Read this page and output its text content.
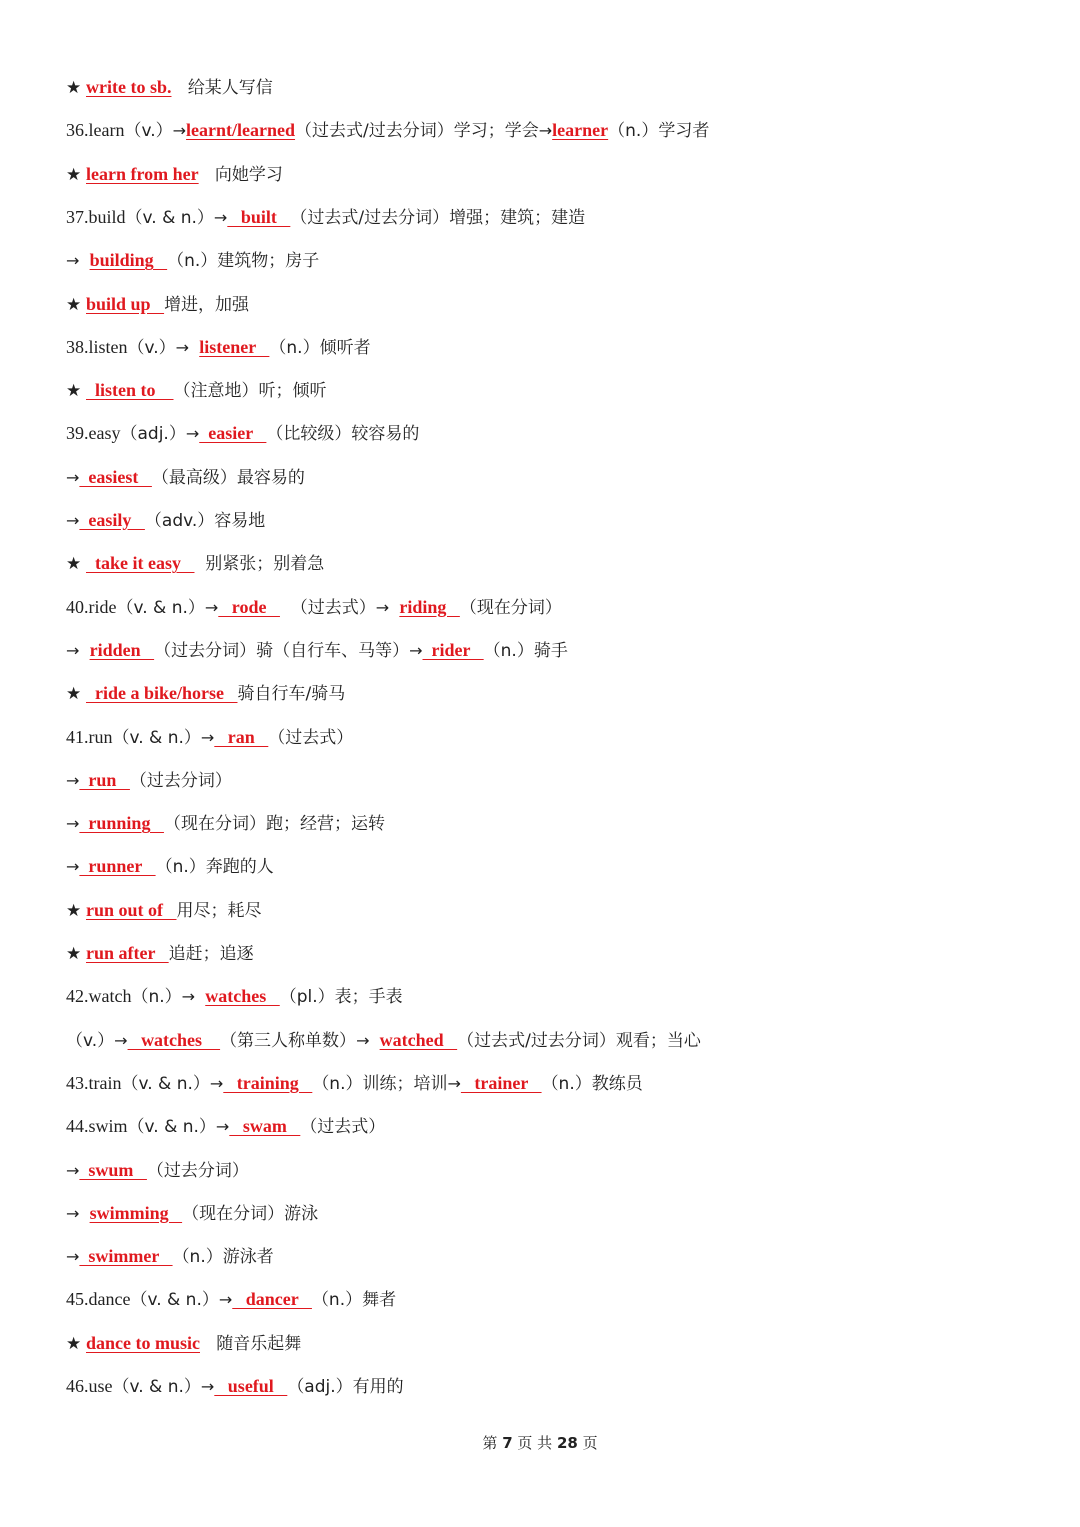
★ write to sb.   给某人写信
36.learn（v.）→learnt/learned（过去式/过去分词）学习；学会→learner（n.）学习者
★ learn from her   向她学习
37.build（v. & n.）→   built   （过去式/过去分词）增强；建筑；建造
→  building   （n.）建筑物；房子
★ build up   增进，加强
38.listen（v.）→  listener   （n.）倾听者
★  listen to    （注意地）听；倾听
39.easy（adj.）→  easier   （比较级）较容易的
→  easiest   （最高级）最容易的
→  easily   （adv.）容易地
★  take it easy     别紧张；别着急
40.ride（v. & n.）→   rode     （过去式）→  riding   （现在分词）
→  ridden   （过去分词）骑（自行车、马等）→  rider   （n.）骑手
★  ride a bike/horse   骑自行车/骑马
41.run（v. & n.）→   ran   （过去式）
→  run   （过去分词）
→  running   （现在分词）跑；经营；运转
→  runner   （n.）奔跑的人
★ run out of   用尽；耗尽
★ run after   追赶；追逐
42.watch（n.）→  watches   （pl.）表；手表
（v.）→   watches    （第三人称单数）→  watched   （过去式/过去分词）观看；当心
43.train（v. & n.）→   training   （n.）训练；培训→   trainer   （n.）教练员
44.swim（v. & n.）→   swam   （过去式）
→  swum   （过去分词）
→  swimming   （现在分词）游泳
→  swimmer   （n.）游泳者
45.dance（v. & n.）→   dancer   （n.）舞者
★ dance to music   随音乐起舞
46.use（v. & n.）→   useful   （adj.）有用的
第 7 页 共 28 页
